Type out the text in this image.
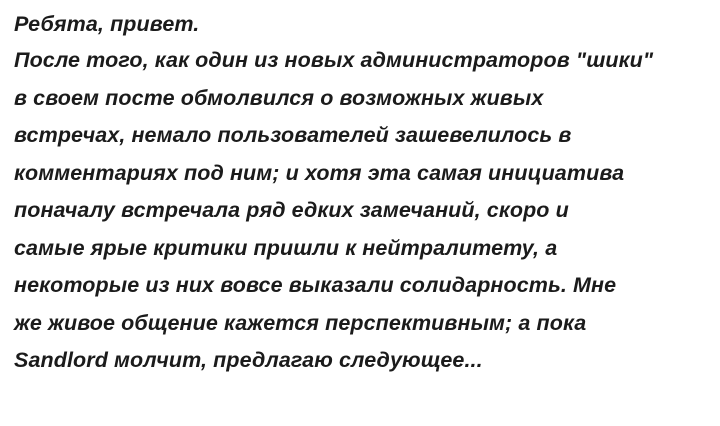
Ребята, привет.
После того, как один из новых администраторов "шики"
в своем посте обмолвился о возможных живых
встречах, немало пользователей зашевелилось в
комментариях под ним; и хотя эта самая инициатива
поначалу встречала ряд едких замечаний, скоро и
самые ярые критики пришли к нейтралитету, а
некоторые из них вовсе выказали солидарность. Мне
же живое общение кажется перспективным; а пока
Sandlord молчит, предлагаю следующее...
